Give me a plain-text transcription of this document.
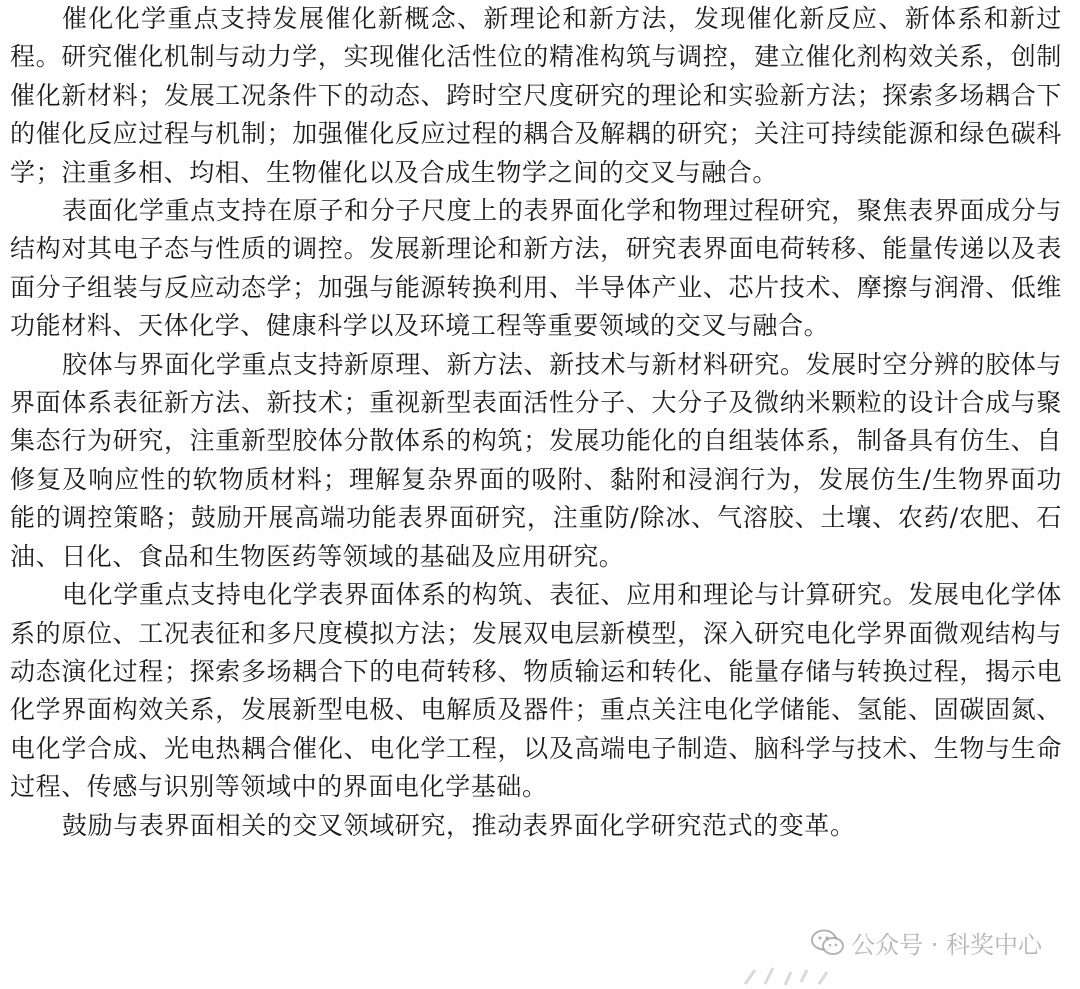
催化化学重点支持发展催化新概念、新理论和新方法，发现催化新反应、新体系和新过程。研究催化机制与动力学，实现催化活性位的精准构筑与调控，建立催化剂构效关系，创制催化新材料；发展工况条件下的动态、跨时空尺度研究的理论和实验新方法；探索多场耦合下的催化反应过程与机制；加强催化反应过程的耦合及解耦的研究；关注可持续能源和绿色碳科学；注重多相、均相、生物催化以及合成生物学之间的交叉与融合。

表面化学重点支持在原子和分子尺度上的表界面化学和物理过程研究，聚焦表界面成分与结构对其电子态与性质的调控。发展新理论和新方法，研究表界面电荷转移、能量传递以及表面分子组装与反应动态学；加强与能源转换利用、半导体产业、芯片技术、摩擦与润滑、低维功能材料、天体化学、健康科学以及环境工程等重要领域的交叉与融合。

胶体与界面化学重点支持新原理、新方法、新技术与新材料研究。发展时空分辨的胶体与界面体系表征新方法、新技术；重视新型表面活性分子、大分子及微纳米颗粒的设计合成与聚集态行为研究，注重新型胶体分散体系的构筑；发展功能化的自组装体系，制备具有仿生、自修复及响应性的软物质材料；理解复杂界面的吸附、黏附和浸润行为，发展仿生/生物界面功能的调控策略；鼓励开展高端功能表界面研究，注重防/除冰、气溶胶、土壤、农药/农肥、石油、日化、食品和生物医药等领域的基础及应用研究。

电化学重点支持电化学表界面体系的构筑、表征、应用和理论与计算研究。发展电化学体系的原位、工况表征和多尺度模拟方法；发展双电层新模型，深入研究电化学界面微观结构与动态演化过程；探索多场耦合下的电荷转移、物质输运和转化、能量存储与转换过程，揭示电化学界面构效关系，发展新型电极、电解质及器件；重点关注电化学储能、氢能、固碳固氮、电化学合成、光电热耦合催化、电化学工程，以及高端电子制造、脑科学与技术、生物与生命过程、传感与识别等领域中的界面电化学基础。

鼓励与表界面相关的交叉领域研究，推动表界面化学研究范式的变革。

公众号 · 科奖中心
